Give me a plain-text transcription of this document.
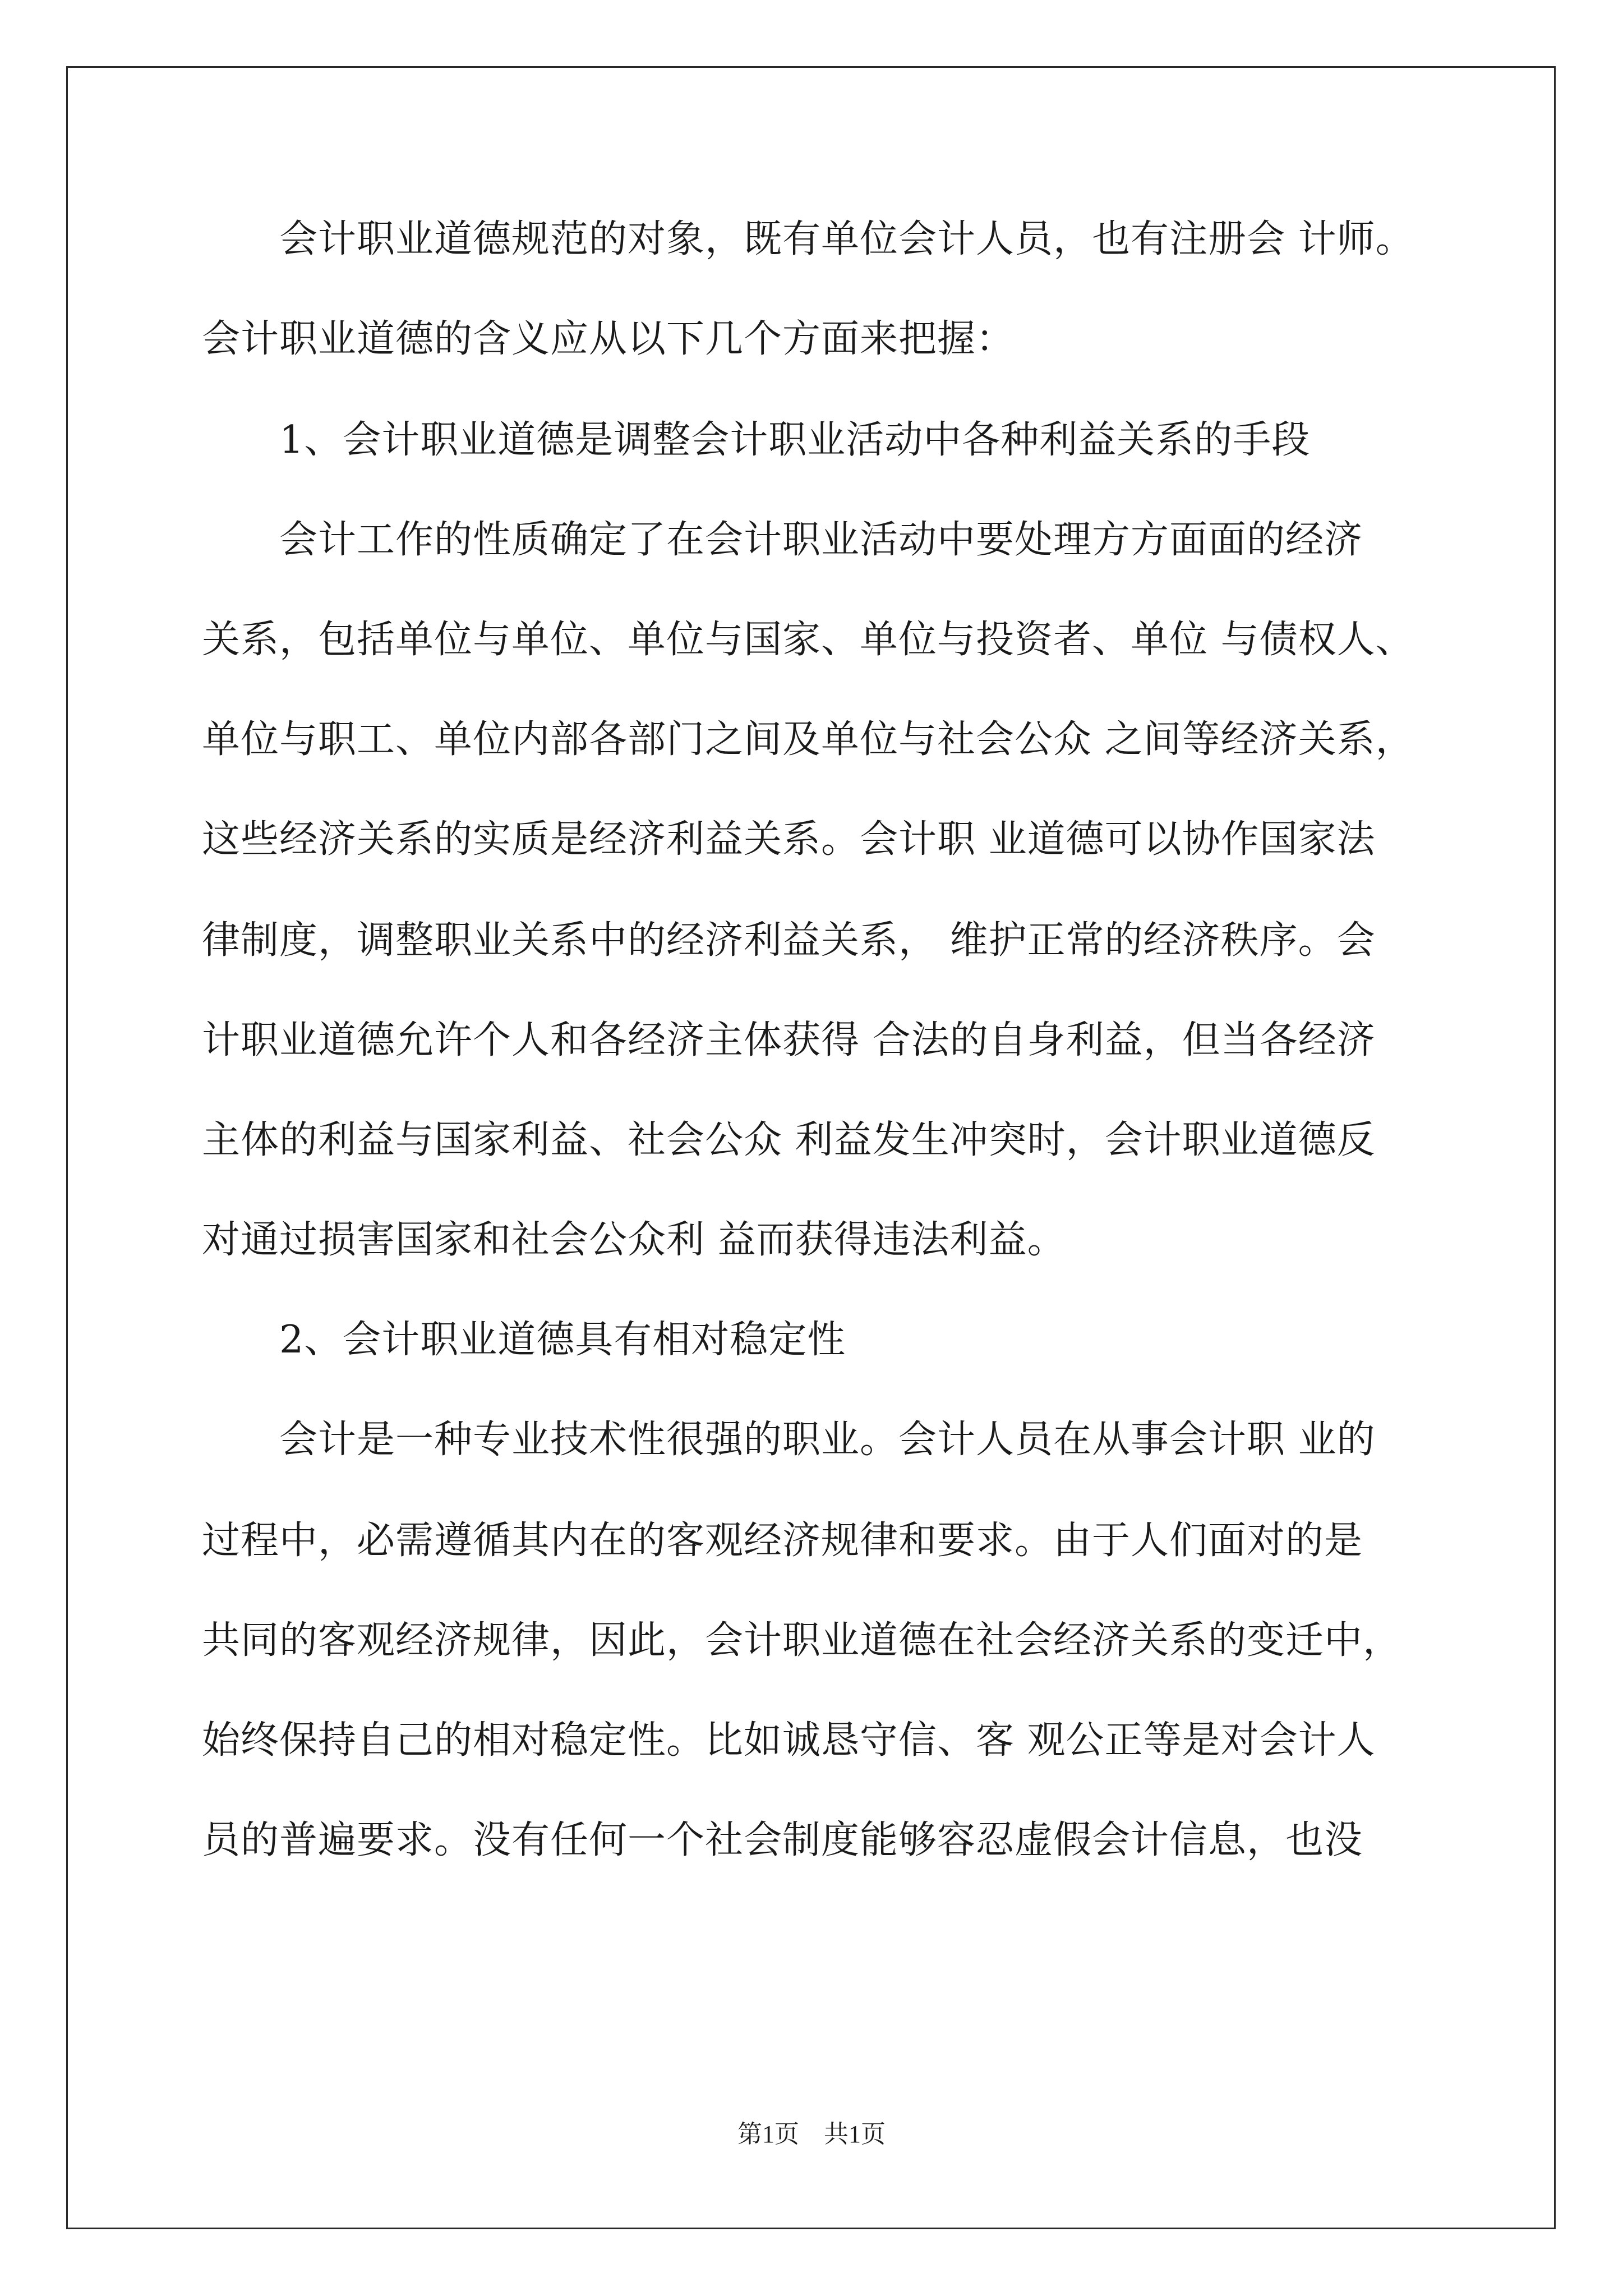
　　会计职业道德规范的对象，既有单位会计人员，也有注册会 计师。
会计职业道德的含义应从以下几个方面来把握：
　　1、会计职业道德是调整会计职业活动中各种利益关系的手段
　　会计工作的性质确定了在会计职业活动中要处理方方面面的经济
关系，包括单位与单位、单位与国家、单位与投资者、单位 与债权人、
单位与职工、单位内部各部门之间及单位与社会公众 之间等经济关系，
这些经济关系的实质是经济利益关系。会计职 业道德可以协作国家法
律制度，调整职业关系中的经济利益关系， 维护正常的经济秩序。会
计职业道德允许个人和各经济主体获得 合法的自身利益，但当各经济
主体的利益与国家利益、社会公众 利益发生冲突时，会计职业道德反
对通过损害国家和社会公众利 益而获得违法利益。
　　2、会计职业道德具有相对稳定性
　　会计是一种专业技术性很强的职业。会计人员在从事会计职 业的
过程中，必需遵循其内在的客观经济规律和要求。由于人们面对的是
共同的客观经济规律，因此，会计职业道德在社会经济关系的变迁中，
始终保持自己的相对稳定性。比如诚恳守信、客 观公正等是对会计人
员的普遍要求。没有任何一个社会制度能够容忍虚假会计信息，也没
第1页　共1页
